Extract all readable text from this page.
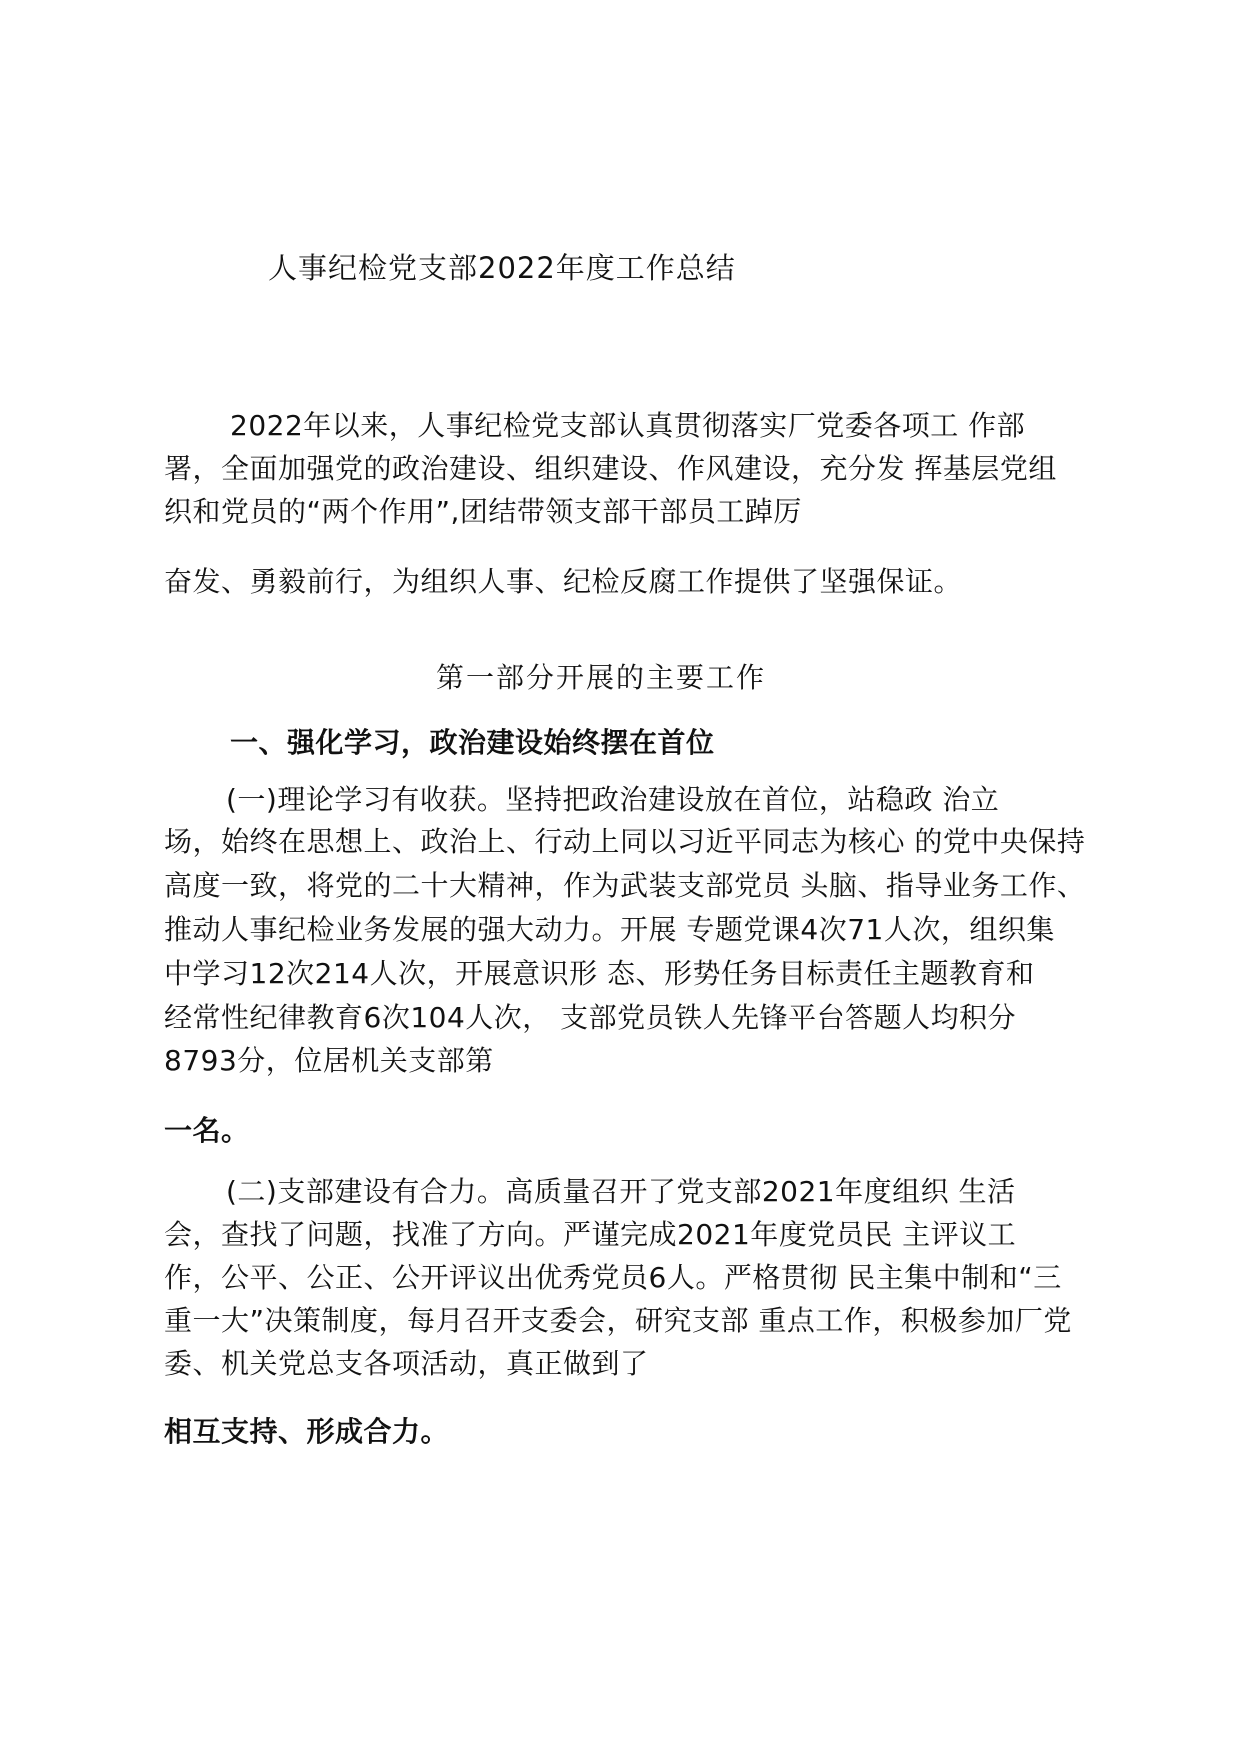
人事纪检党支部2022年度工作总结
2022年以来，人事纪检党支部认真贯彻落实厂党委各项工 作部
署，全面加强党的政治建设、组织建设、作风建设，充分发 挥基层党组
织和党员的“两个作用”,团结带领支部干部员工踔厉
奋发、勇毅前行，为组织人事、纪检反腐工作提供了坚强保证。
第一部分开展的主要工作
一、强化学习，政治建设始终摆在首位
(一)理论学习有收获。坚持把政治建设放在首位，站稳政 治立
场，始终在思想上、政治上、行动上同以习近平同志为核心 的党中央保持
高度一致，将党的二十大精神，作为武装支部党员 头脑、指导业务工作、
推动人事纪检业务发展的强大动力。开展 专题党课4次71人次，组织集
中学习12次214人次，开展意识形 态、形势任务目标责任主题教育和
经常性纪律教育6次104人次， 支部党员铁人先锋平台答题人均积分
8793分，位居机关支部第
一名。
(二)支部建设有合力。高质量召开了党支部2021年度组织 生活
会，查找了问题，找准了方向。严谨完成2021年度党员民 主评议工
作，公平、公正、公开评议出优秀党员6人。严格贯彻 民主集中制和“三
重一大”决策制度，每月召开支委会，研究支部 重点工作，积极参加厂党
委、机关党总支各项活动，真正做到了
相互支持、形成合力。
